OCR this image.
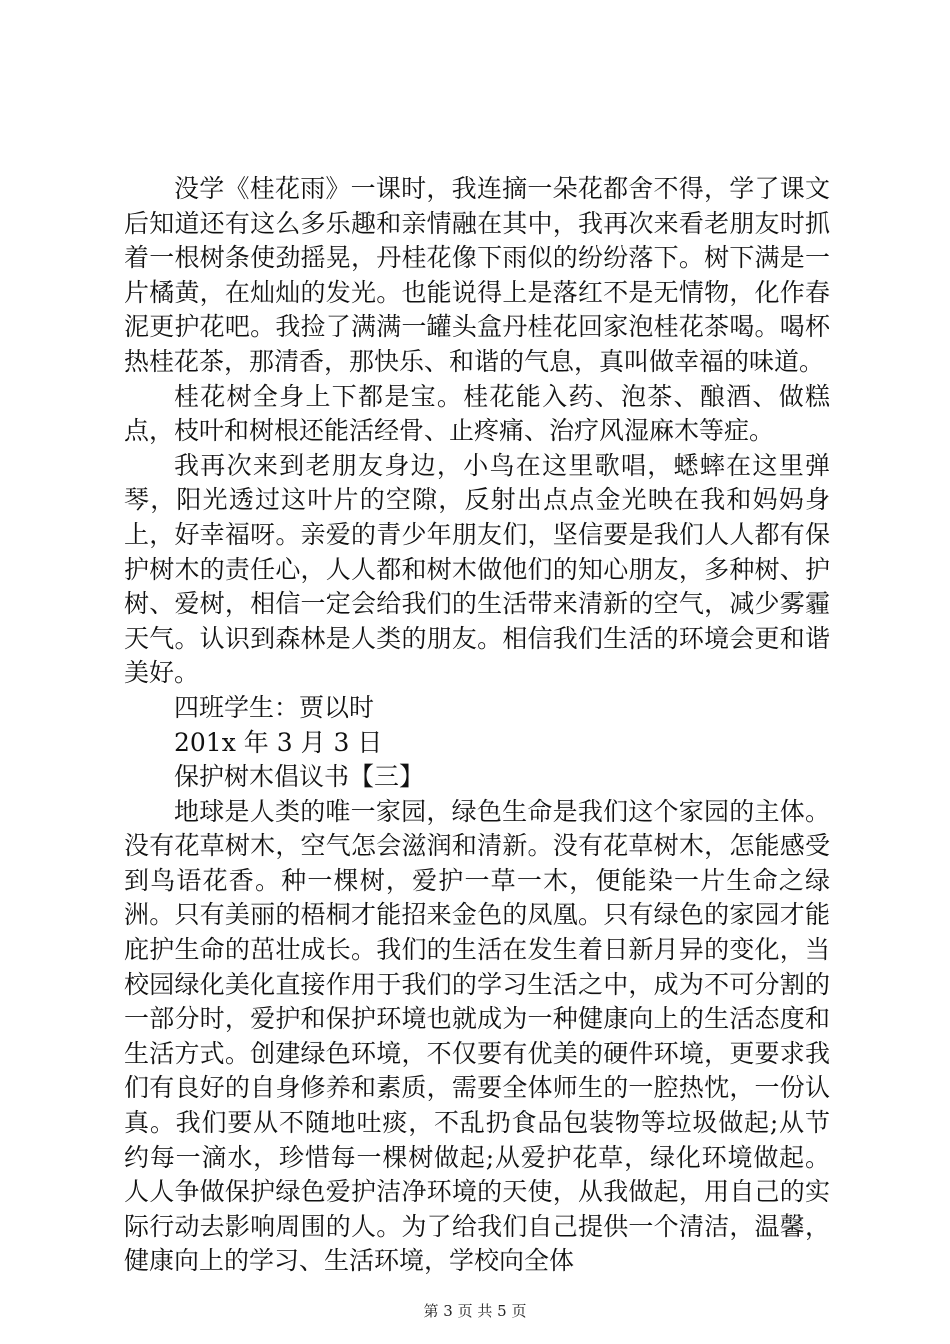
没学《桂花雨》一课时，我连摘一朵花都舍不得，学了课文后知道还有这么多乐趣和亲情融在其中，我再次来看老朋友时抓着一根树条使劲摇晃，丹桂花像下雨似的纷纷落下。树下满是一片橘黄，在灿灿的发光。也能说得上是落红不是无情物，化作春泥更护花吧。我捡了满满一罐头盒丹桂花回家泡桂花茶喝。喝杯热桂花茶，那清香，那快乐、和谐的气息，真叫做幸福的味道。

桂花树全身上下都是宝。桂花能入药、泡茶、酿酒、做糕点，枝叶和树根还能活经骨、止疼痛、治疗风湿麻木等症。

我再次来到老朋友身边，小鸟在这里歌唱，蟋蟀在这里弹琴，阳光透过这叶片的空隙，反射出点点金光映在我和妈妈身上，好幸福呀。亲爱的青少年朋友们，坚信要是我们人人都有保护树木的责任心，人人都和树木做他们的知心朋友，多种树、护树、爱树，相信一定会给我们的生活带来清新的空气，减少雾霾天气。认识到森林是人类的朋友。相信我们生活的环境会更和谐美好。

四班学生：贾以时

201x 年 3 月 3 日

保护树木倡议书【三】

地球是人类的唯一家园，绿色生命是我们这个家园的主体。没有花草树木，空气怎会滋润和清新。没有花草树木，怎能感受到鸟语花香。种一棵树，爱护一草一木，便能染一片生命之绿洲。只有美丽的梧桐才能招来金色的凤凰。只有绿色的家园才能庇护生命的茁壮成长。我们的生活在发生着日新月异的变化，当校园绿化美化直接作用于我们的学习生活之中，成为不可分割的一部分时，爱护和保护环境也就成为一种健康向上的生活态度和生活方式。创建绿色环境，不仅要有优美的硬件环境，更要求我们有良好的自身修养和素质，需要全体师生的一腔热忱，一份认真。我们要从不随地吐痰，不乱扔食品包装物等垃圾做起;从节约每一滴水，珍惜每一棵树做起;从爱护花草，绿化环境做起。人人争做保护绿色爱护洁净环境的天使，从我做起，用自己的实际行动去影响周围的人。为了给我们自己提供一个清洁，温馨，健康向上的学习、生活环境，学校向全体

第 3 页 共 5 页
